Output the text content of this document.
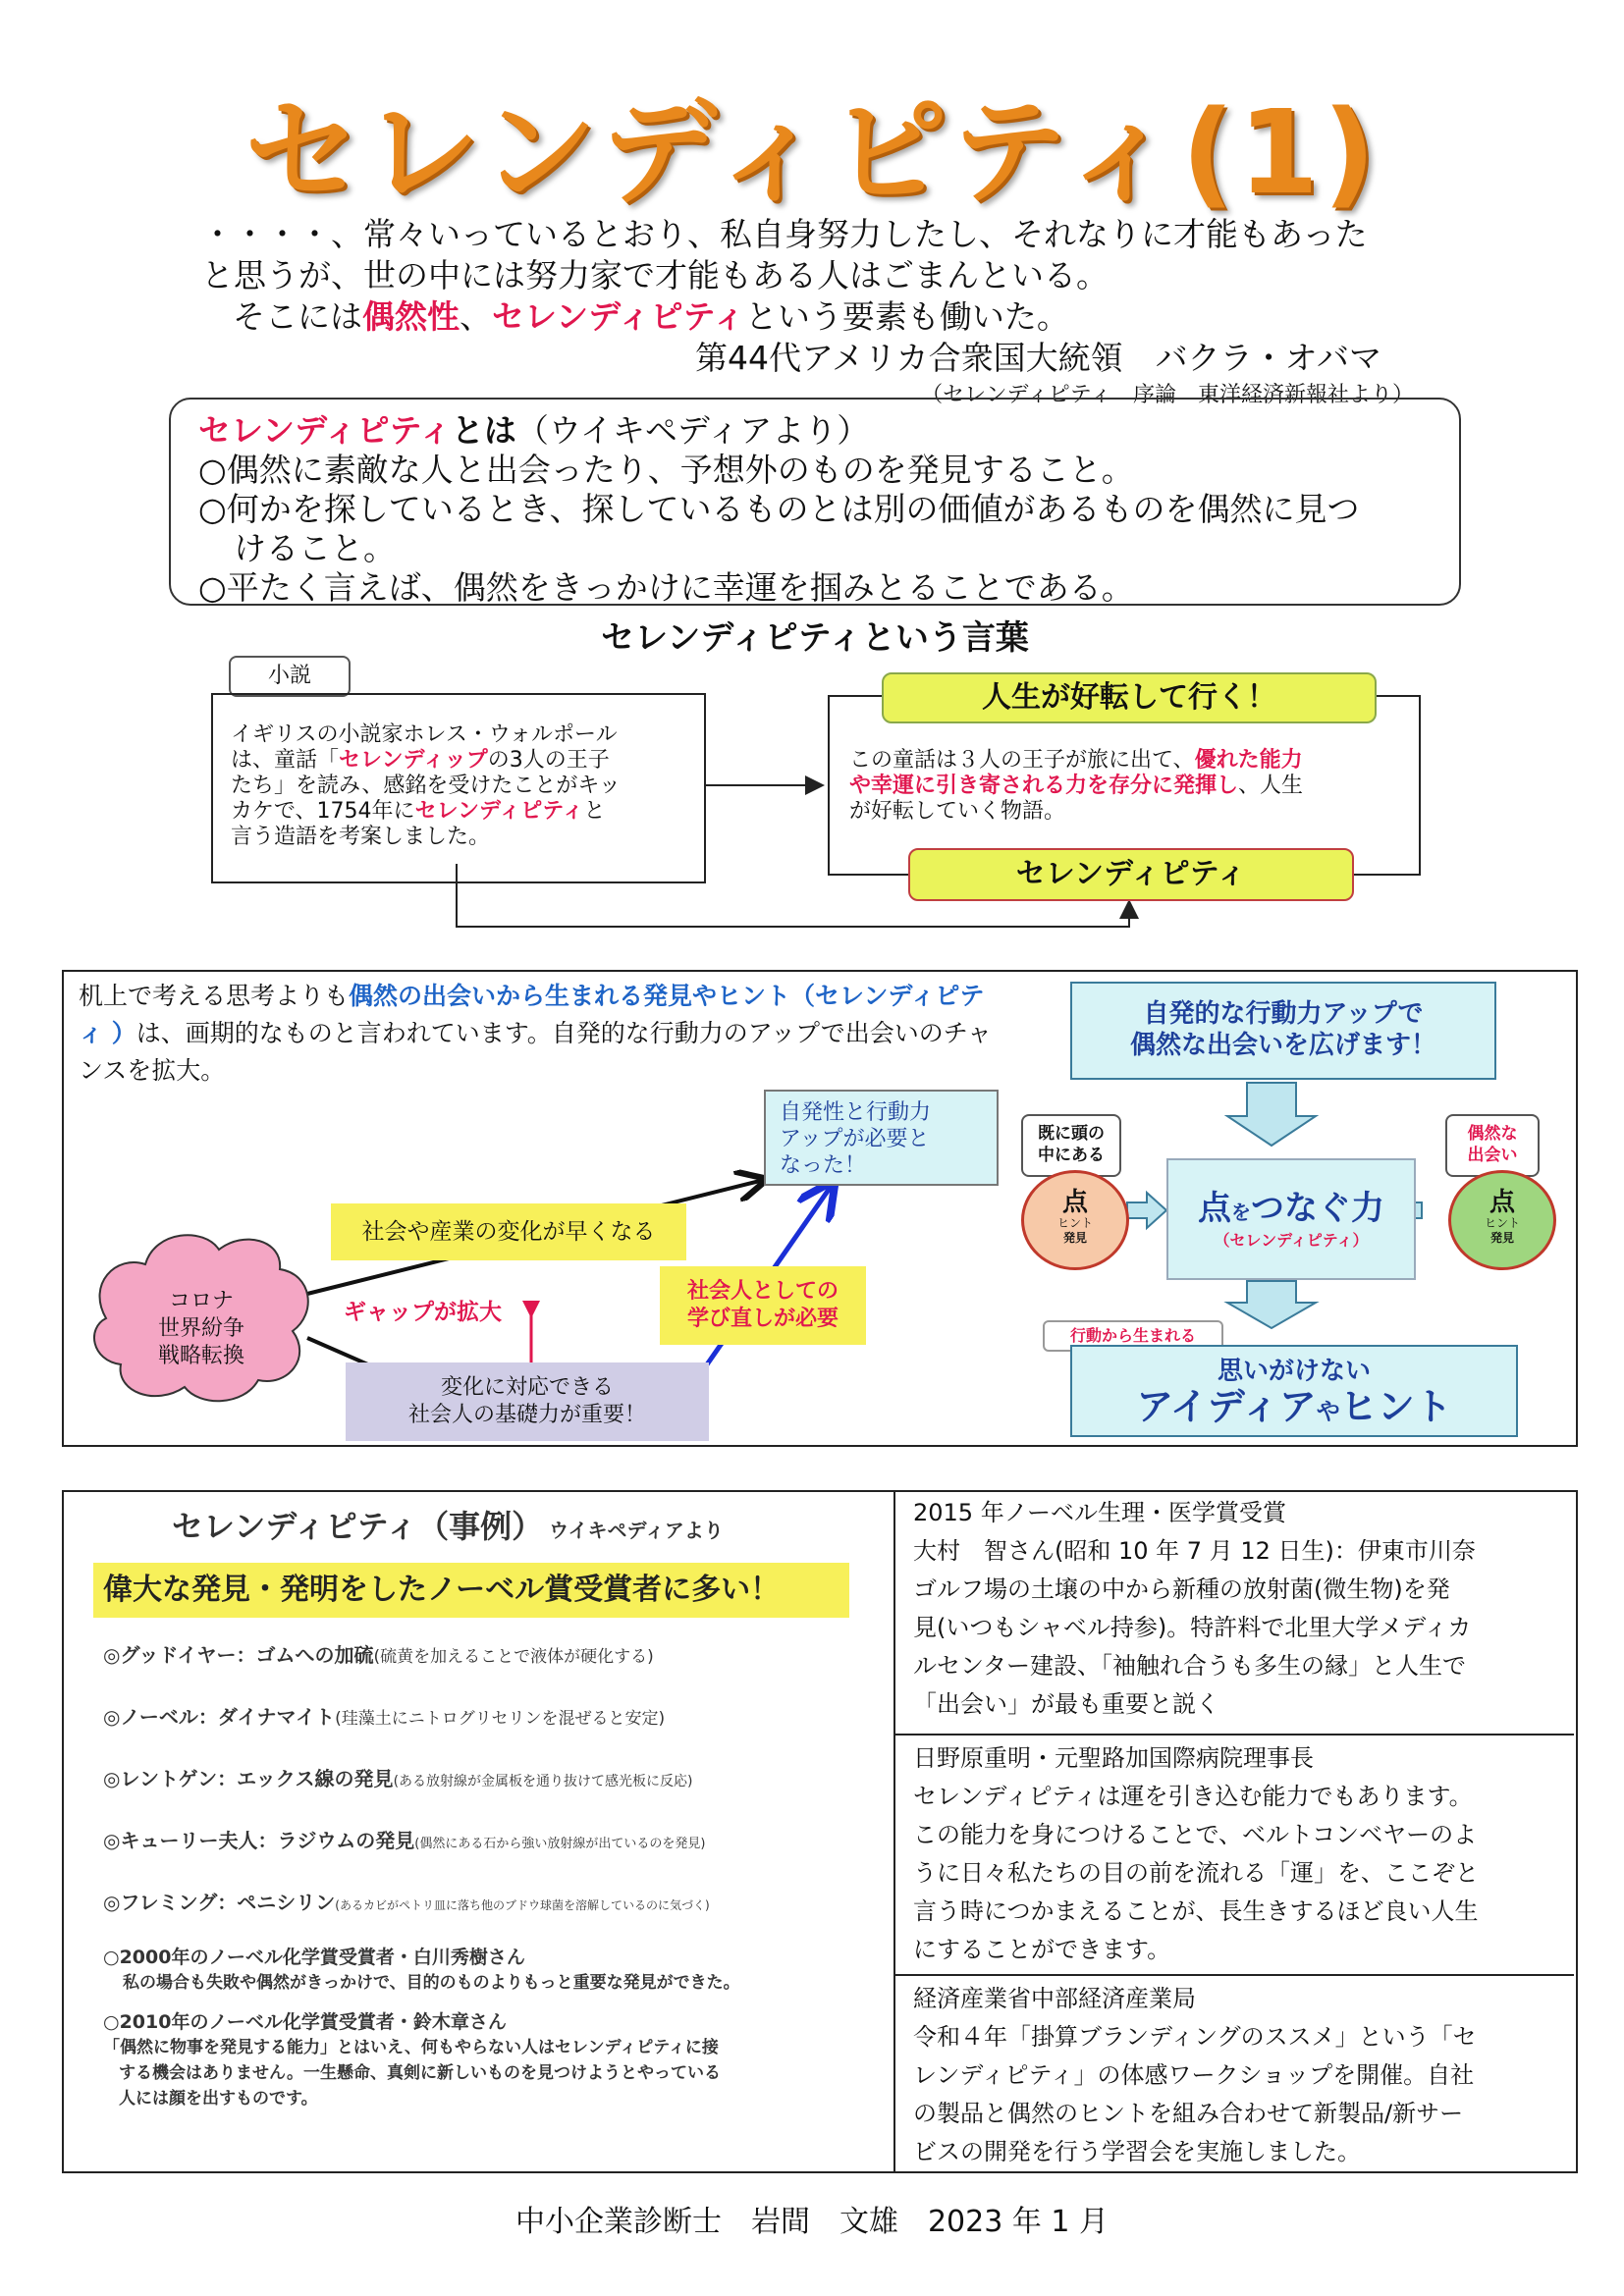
セレンディピティ(1)
・・・・、常々いっているとおり、私自身努力したし、それなりに才能もあった
と思うが、世の中には努力家で才能もある人はごまんといる。
そこには偶然性、セレンディピティという要素も働いた。
第44代アメリカ合衆国大統領　バクラ・オバマ
（セレンディピティ　序論　東洋経済新報社より）
セレンディピティとは（ウイキペディアより）
○偶然に素敵な人と出会ったり、予想外のものを発見すること。
○何かを探しているとき、探しているものとは別の価値があるものを偶然に見つ
けること。
○平たく言えば、偶然をきっかけに幸運を掴みとることである。
セレンディピティという言葉
小説
イギリスの小説家ホレス・ウォルポール
は、童話「セレンディップの3人の王子
たち」を読み、感銘を受けたことがキッ
カケで、1754年にセレンディピティと
言う造語を考案しました。
この童話は３人の王子が旅に出て、優れた能力
や幸運に引き寄される力を存分に発揮し、人生
が好転していく物語。
人生が好転して行く！
セレンディピティ
机上で考える思考よりも偶然の出会いから生まれる発見やヒント（セレンディピティ ）は、画期的なものと言われています。自発的な行動力のアップで出会いのチャンスを拡大。
コロナ
世界紛争
戦略転換
社会や産業の変化が早くなる
ギャップが拡大
変化に対応できる
社会人の基礎力が重要！
社会人としての
学び直しが必要
自発性と行動力
アップが必要と
なった！
自発的な行動力アップで
偶然な出会いを広げます！
既に頭の
中にある
偶然な
出会い
点
ヒント
発見
点
ヒント
発見
点をつなぐ力
（セレンディピティ）
行動から生まれる
思いがけない
アイディアやヒント
セレンディピティ（事例） ウイキペディアより
偉大な発見・発明をしたノーベル賞受賞者に多い！
◎グッドイヤー：ゴムへの加硫(硫黄を加えることで液体が硬化する)
◎ノーベル：ダイナマイト(珪藻土にニトログリセリンを混ぜると安定)
◎レントゲン：エックス線の発見(ある放射線が金属板を通り抜けて感光板に反応)
◎キューリー夫人：ラジウムの発見(偶然にある石から強い放射線が出ているのを発見)
◎フレミング：ペニシリン(あるカビがペトリ皿に落ち他のブドウ球菌を溶解しているのに気づく)
○2000年のノーベル化学賞受賞者・白川秀樹さん
私の場合も失敗や偶然がきっかけで、目的のものよりもっと重要な発見ができた。
○2010年のノーベル化学賞受賞者・鈴木章さん
「偶然に物事を発見する能力」とはいえ、何もやらない人はセレンディピティに接
する機会はありません。一生懸命、真剣に新しいものを見つけようとやっている
人には顔を出すものです。
2015 年ノーベル生理・医学賞受賞
大村　智さん(昭和 10 年 7 月 12 日生)：伊東市川奈
ゴルフ場の土壌の中から新種の放射菌(微生物)を発
見(いつもシャベル持参)。特許料で北里大学メディカ
ルセンター建設、「袖触れ合うも多生の縁」と人生で
「出会い」が最も重要と説く
日野原重明・元聖路加国際病院理事長
セレンディピティは運を引き込む能力でもあります。
この能力を身につけることで、ベルトコンベヤーのよ
うに日々私たちの目の前を流れる「運」を、ここぞと
言う時につかまえることが、長生きするほど良い人生
にすることができます。
経済産業省中部経済産業局
令和４年「掛算ブランディングのススメ」という「セ
レンディピティ」の体感ワークショップを開催。自社
の製品と偶然のヒントを組み合わせて新製品/新サー
ビスの開発を行う学習会を実施しました。
中小企業診断士　岩間　文雄　2023 年 1 月
